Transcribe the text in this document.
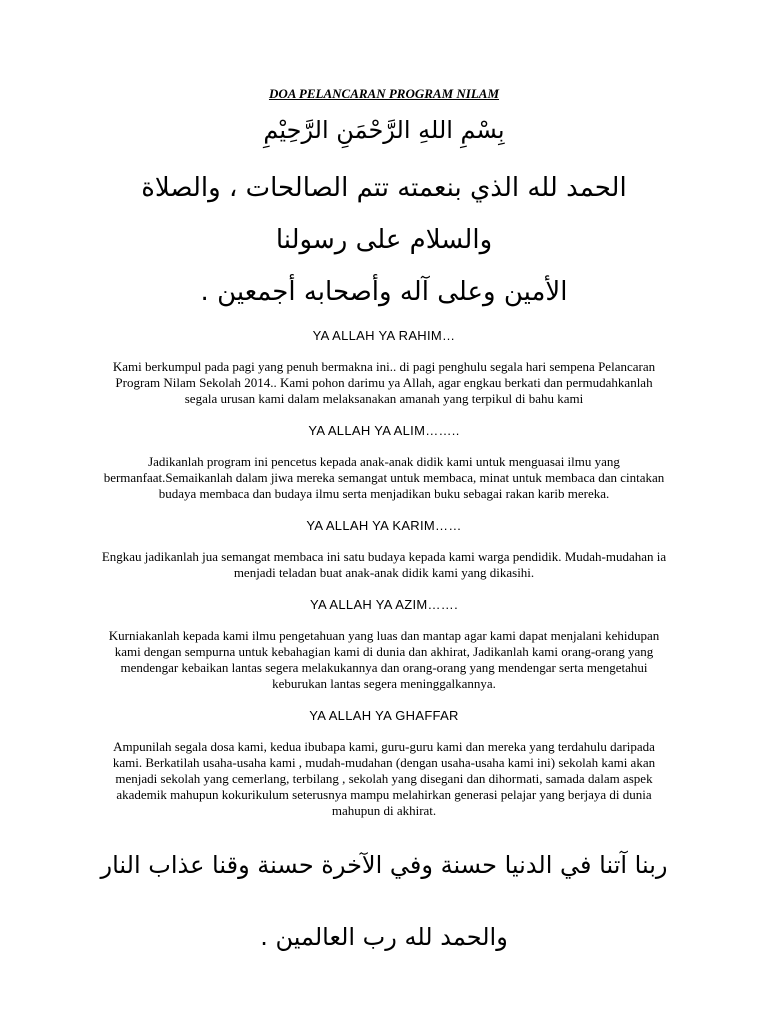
DOA PELANCARAN PROGRAM NILAM

بِسْمِ اللهِ الرَّحْمَنِ الرَّحِيْمِ

الحمد لله الذي بنعمته تتم الصالحات ، والصلاة والسلام على رسولنا

الأمين وعلى آله وأصحابه أجمعين .

YA ALLAH YA RAHIM…

Kami berkumpul pada pagi yang penuh bermakna ini.. di pagi penghulu segala hari sempena Pelancaran Program Nilam Sekolah 2014.. Kami pohon darimu ya Allah, agar engkau berkati dan permudahkanlah segala urusan kami dalam melaksanakan amanah yang terpikul di bahu kami

YA ALLAH YA ALIM……..

Jadikanlah program ini pencetus kepada anak-anak didik kami untuk menguasai ilmu yang bermanfaat.Semaikanlah dalam jiwa mereka semangat untuk membaca, minat untuk membaca dan cintakan budaya membaca dan budaya ilmu serta menjadikan buku sebagai rakan karib mereka.

YA ALLAH YA KARIM……

Engkau jadikanlah jua semangat membaca ini satu budaya kepada kami warga pendidik. Mudah-mudahan ia menjadi teladan buat anak-anak didik kami yang dikasihi.

YA ALLAH YA AZIM…….

Kurniakanlah kepada kami ilmu pengetahuan yang luas dan mantap agar kami dapat menjalani kehidupan kami dengan sempurna untuk kebahagian kami di dunia dan akhirat, Jadikanlah kami orang-orang yang mendengar kebaikan lantas segera melakukannya dan orang-orang yang mendengar serta mengetahui keburukan lantas segera meninggalkannya.

YA ALLAH YA GHAFFAR

Ampunilah segala dosa kami, kedua ibubapa kami, guru-guru kami dan mereka yang terdahulu daripada kami. Berkatilah usaha-usaha kami , mudah-mudahan (dengan usaha-usaha kami ini) sekolah kami akan menjadi sekolah yang cemerlang, terbilang , sekolah yang disegani dan dihormati, samada dalam aspek akademik mahupun kokurikulum seterusnya mampu melahirkan generasi pelajar yang berjaya di dunia mahupun di akhirat.

ربنا آتنا في الدنيا حسنة وفي الآخرة حسنة وقنا عذاب النار

والحمد لله رب العالمين .
